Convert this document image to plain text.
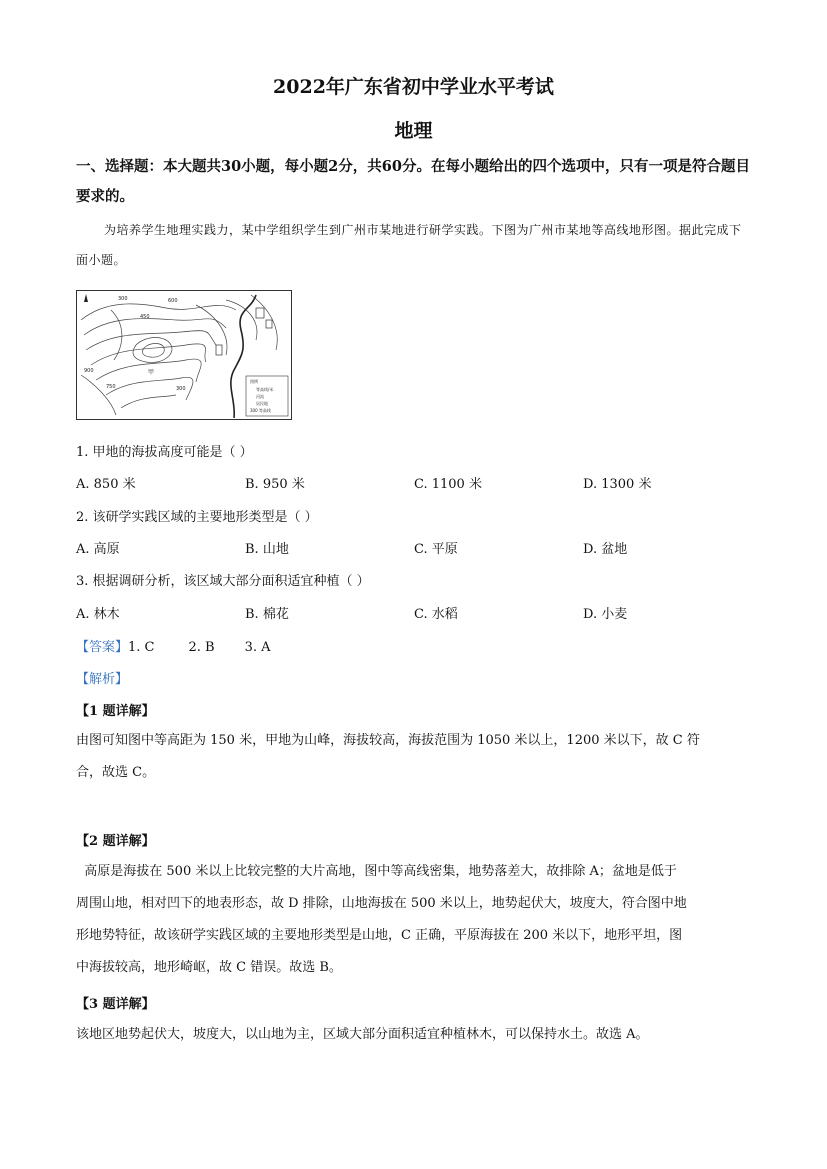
2022年广东省初中学业水平考试
地理
一、选择题：本大题共30小题，每小题2分，共60分。在每小题给出的四个选项中，只有一项是符合题目要求的。
为培养学生地理实践力，某中学组织学生到广州市某地进行研学实践。下图为广州市某地等高线地形图。据此完成下面小题。
300	600
450
900
750
甲
300
图例
等高线/米
河流
居民地
300 等高线
1. 甲地的海拔高度可能是（ ）
A. 850 米	B. 950 米	C. 1100 米	D. 1300 米
2. 该研学实践区域的主要地形类型是（ ）
A. 高原	B. 山地	C. 平原	D. 盆地
3. 根据调研分析，该区域大部分面积适宜种植（ ）
A. 林木	B. 棉花	C. 水稻	D. 小麦
【答案】1. C	2. B 3. A
【解析】
【1 题详解】
由图可知图中等高距为 150 米，甲地为山峰，海拔较高，海拔范围为 1050 米以上，1200 米以下，故 C 符
合，故选 C。
【2 题详解】
高原是海拔在 500 米以上比较完整的大片高地，图中等高线密集，地势落差大，故排除 A；盆地是低于
周围山地，相对凹下的地表形态，故 D 排除，山地海拔在 500 米以上，地势起伏大，坡度大，符合图中地
形地势特征，故该研学实践区域的主要地形类型是山地，C 正确，平原海拔在 200 米以下，地形平坦，图
中海拔较高，地形崎岖，故 C 错误。故选 B。
【3 题详解】
该地区地势起伏大，坡度大，以山地为主，区域大部分面积适宜种植林木，可以保持水土。故选 A。
